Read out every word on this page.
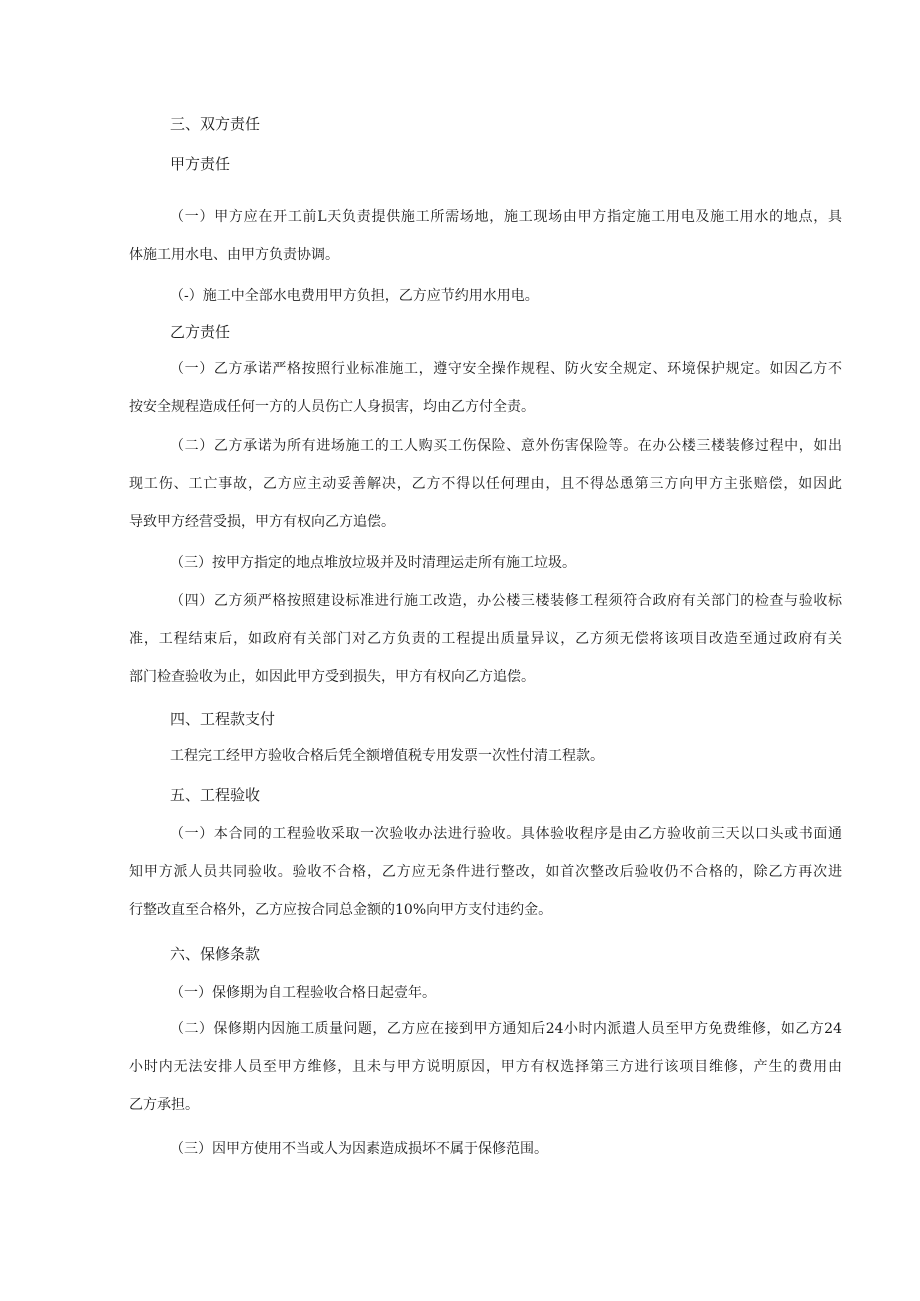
三、双方责任
甲方责任
（一）甲方应在开工前L天负责提供施工所需场地，施工现场由甲方指定施工用电及施工用水的地点，具
体施工用水电、由甲方负责协调。
（-）施工中全部水电费用甲方负担，乙方应节约用水用电。
乙方责任
（一）乙方承诺严格按照行业标准施工，遵守安全操作规程、防火安全规定、环境保护规定。如因乙方不
按安全规程造成任何一方的人员伤亡人身损害，均由乙方付全责。
（二）乙方承诺为所有进场施工的工人购买工伤保险、意外伤害保险等。在办公楼三楼装修过程中，如出
现工伤、工亡事故，乙方应主动妥善解决，乙方不得以任何理由，且不得怂恿第三方向甲方主张赔偿，如因此
导致甲方经营受损，甲方有权向乙方追偿。
（三）按甲方指定的地点堆放垃圾并及时清理运走所有施工垃圾。
（四）乙方须严格按照建设标准进行施工改造，办公楼三楼装修工程须符合政府有关部门的检查与验收标
准，工程结束后，如政府有关部门对乙方负责的工程提出质量异议，乙方须无偿将该项目改造至通过政府有关
部门检查验收为止，如因此甲方受到损失，甲方有权向乙方追偿。
四、工程款支付
工程完工经甲方验收合格后凭全额增值税专用发票一次性付清工程款。
五、工程验收
（一）本合同的工程验收采取一次验收办法进行验收。具体验收程序是由乙方验收前三天以口头或书面通
知甲方派人员共同验收。验收不合格，乙方应无条件进行整改，如首次整改后验收仍不合格的，除乙方再次进
行整改直至合格外，乙方应按合同总金额的10%向甲方支付违约金。
六、保修条款
（一）保修期为自工程验收合格日起壹年。
（二）保修期内因施工质量问题，乙方应在接到甲方通知后24小时内派遣人员至甲方免费维修，如乙方24
小时内无法安排人员至甲方维修，且未与甲方说明原因，甲方有权选择第三方进行该项目维修，产生的费用由
乙方承担。
（三）因甲方使用不当或人为因素造成损坏不属于保修范围。
